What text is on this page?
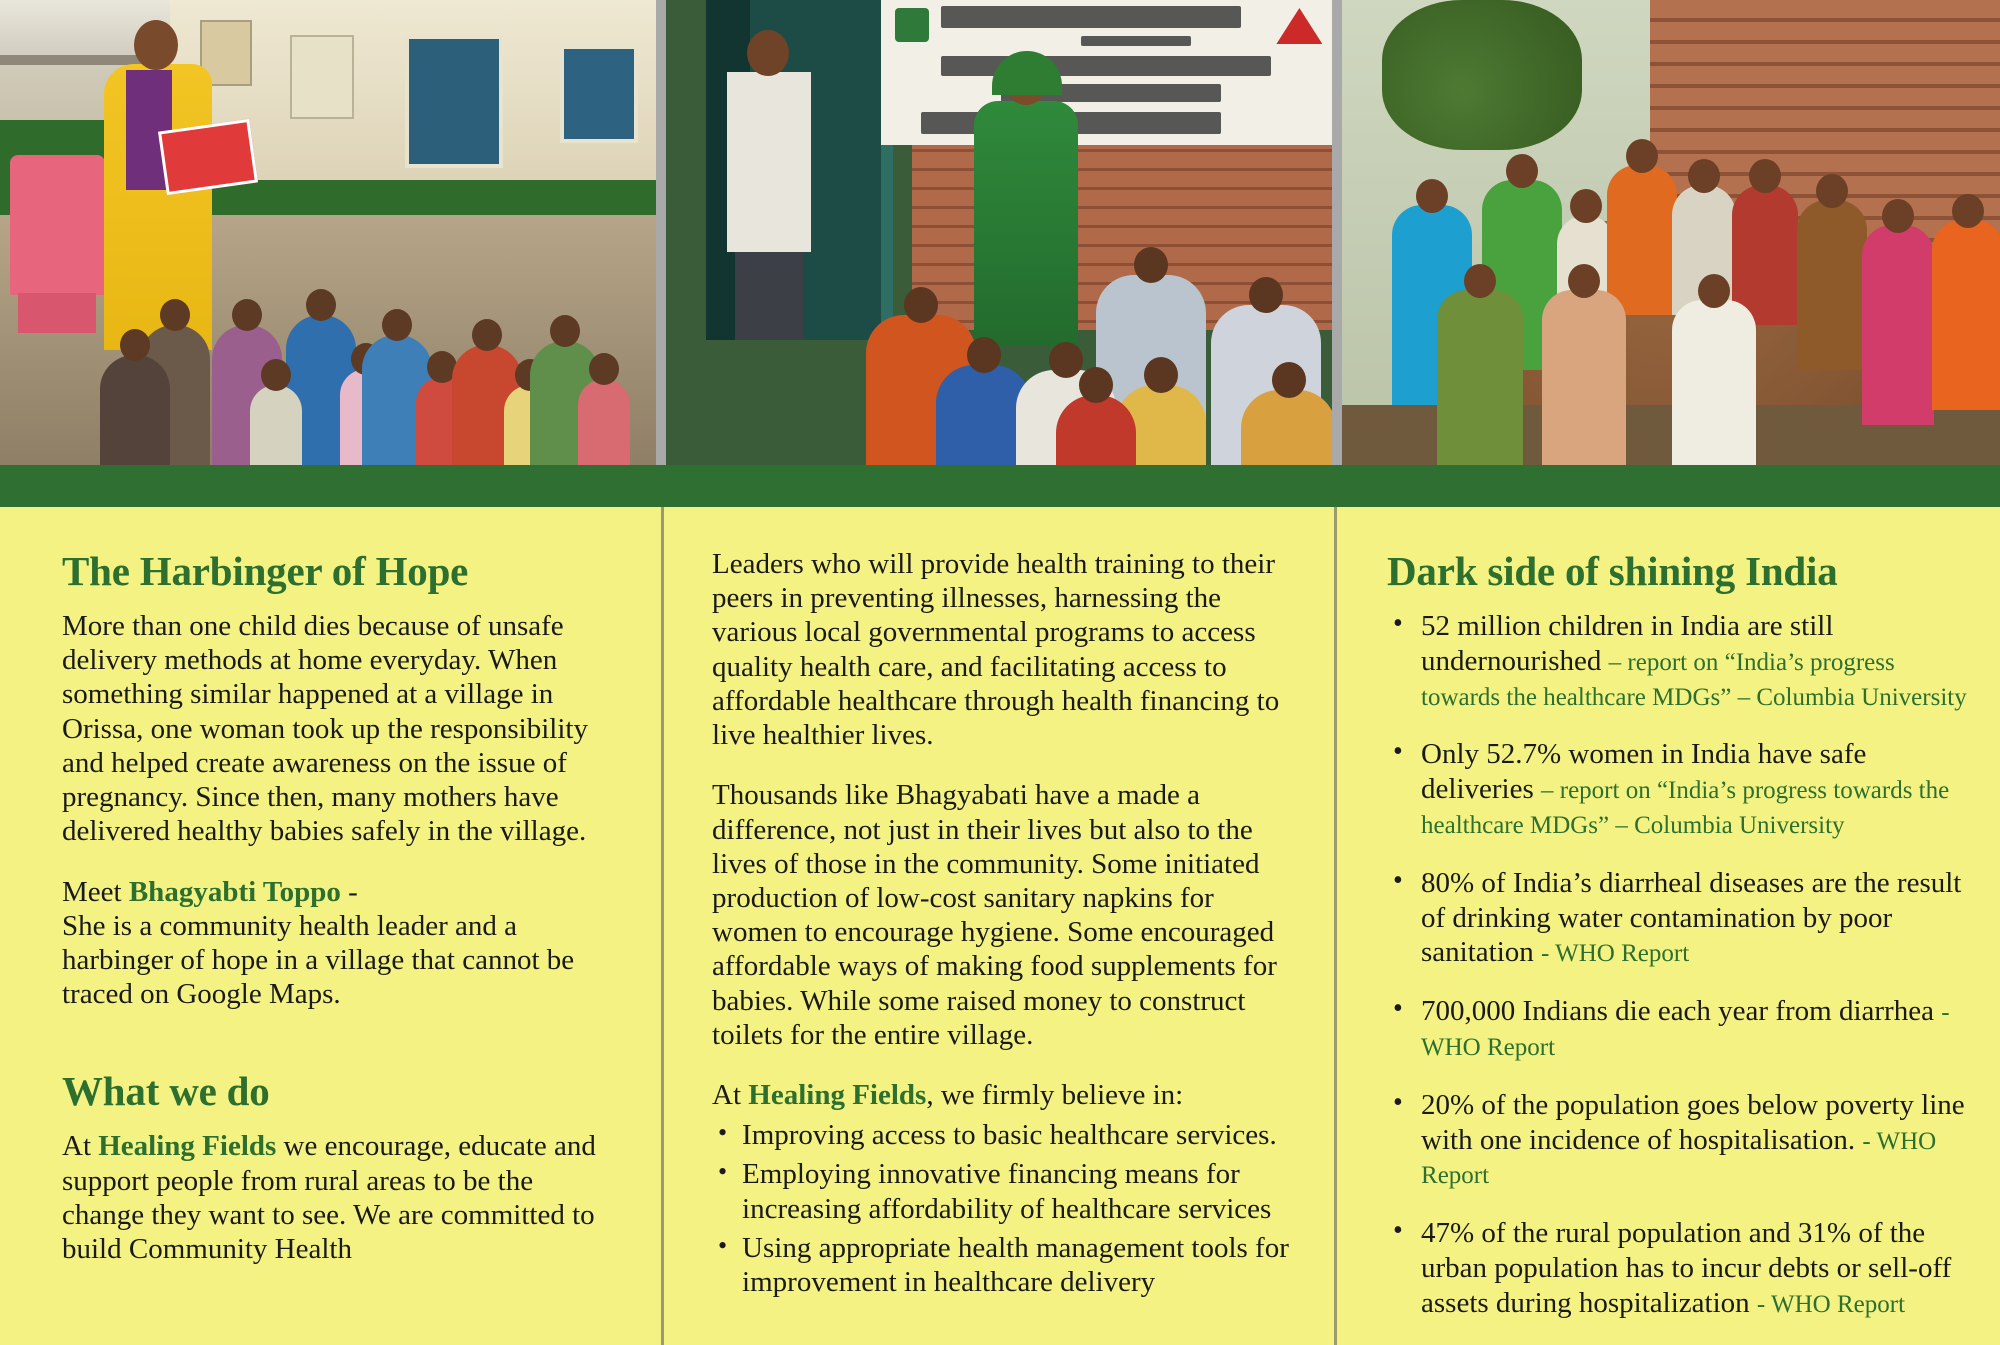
The Harbinger of Hope

More than one child dies because of unsafe delivery methods at home everyday. When something similar happened at a village in Orissa, one woman took up the responsibility and helped create awareness on the issue of pregnancy. Since then, many mothers have delivered healthy babies safely in the village.

Meet Bhagyabti Toppo -
She is a community health leader and a harbinger of hope in a village that cannot be traced on Google Maps.

What we do

At Healing Fields we encourage, educate and support people from rural areas to be the change they want to see. We are committed to build Community Health

Leaders who will provide health training to their peers in preventing illnesses, harnessing the various local governmental programs to access quality health care, and facilitating access to affordable healthcare through health financing to live healthier lives.

Thousands like Bhagyabati have a made a difference, not just in their lives but also to the lives of those in the community. Some initiated production of low-cost sanitary napkins for women to encourage hygiene. Some encouraged affordable ways of making food supplements for babies. While some raised money to construct toilets for the entire village.

At Healing Fields, we firmly believe in:

• Improving access to basic healthcare services.
• Employing innovative financing means for increasing affordability of healthcare services
• Using appropriate health management tools for improvement in healthcare delivery
Dark side of shining India
• 52 million children in India are still undernourished – report on “India’s progress towards the healthcare MDGs” – Columbia University
• Only 52.7% women in India have safe deliveries – report on “India’s progress towards the healthcare MDGs” – Columbia University
• 80% of India’s diarrheal diseases are the result of drinking water contamination by poor sanitation - WHO Report
• 700,000 Indians die each year from diarrhea - WHO Report
• 20% of the population goes below poverty line with one incidence of hospitalisation. - WHO Report
• 47% of the rural population and 31% of the urban population has to incur debts or sell-off assets during hospitalization - WHO Report
